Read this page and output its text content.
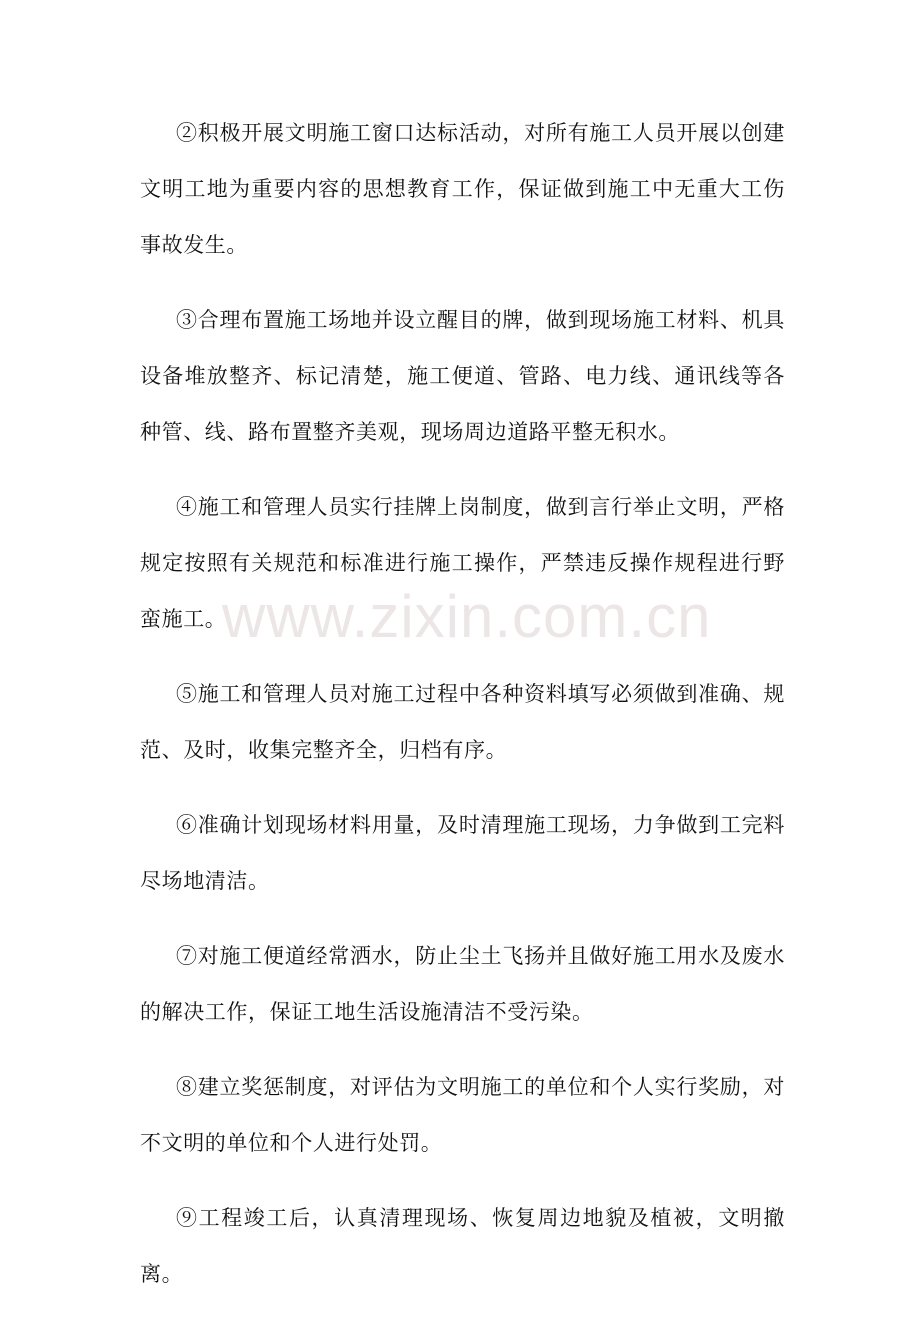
www.zixin.com.cn

②积极开展文明施工窗口达标活动，对所有施工人员开展以创建文明工地为重要内容的思想教育工作，保证做到施工中无重大工伤事故发生。

③合理布置施工场地并设立醒目的牌，做到现场施工材料、机具设备堆放整齐、标记清楚，施工便道、管路、电力线、通讯线等各种管、线、路布置整齐美观，现场周边道路平整无积水。

④施工和管理人员实行挂牌上岗制度，做到言行举止文明，严格规定按照有关规范和标准进行施工操作，严禁违反操作规程进行野蛮施工。

⑤施工和管理人员对施工过程中各种资料填写必须做到准确、规范、及时，收集完整齐全，归档有序。

⑥准确计划现场材料用量，及时清理施工现场，力争做到工完料尽场地清洁。

⑦对施工便道经常洒水，防止尘土飞扬并且做好施工用水及废水的解决工作，保证工地生活设施清洁不受污染。

⑧建立奖惩制度，对评估为文明施工的单位和个人实行奖励，对不文明的单位和个人进行处罚。

⑨工程竣工后，认真清理现场、恢复周边地貌及植被，文明撤离。
